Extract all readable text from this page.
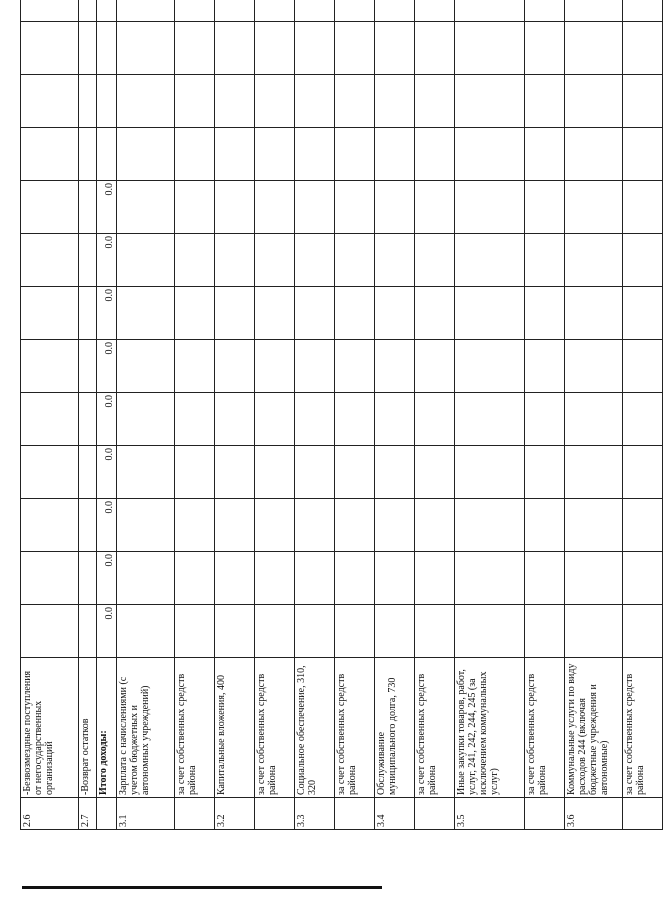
2.6	-Безвозмездные поступления от негосударственных организаций													
2.7	-Возврат остатков													
	Итого доходы:	0.0	0.0	0.0	0.0	0.0	0.0	0.0	0.0	0.0				
3.1	Зарплата с начислениями (с учетом бюджетных и автономных учреждений)													
	за счет собственных средств района													
3.2	Капитальные вложения, 400													
	за счет собственных средств района													
3.3	Социальное обеспечение, 310, 320													
	за счет собственных средств района													
3.4	Обслуживание муниципального долга, 730													
	за счет собственных средств района													
3.5	Иные закупки товаров, работ, услуг, 241, 242, 244, 245 (за исключением коммунальных услуг)													
	за счет собственных средств района													
3.6	Коммунальные услуги по виду расходов 244 (включая бюджетные учреждения и автономные)													
	за счет собственных средств района													
